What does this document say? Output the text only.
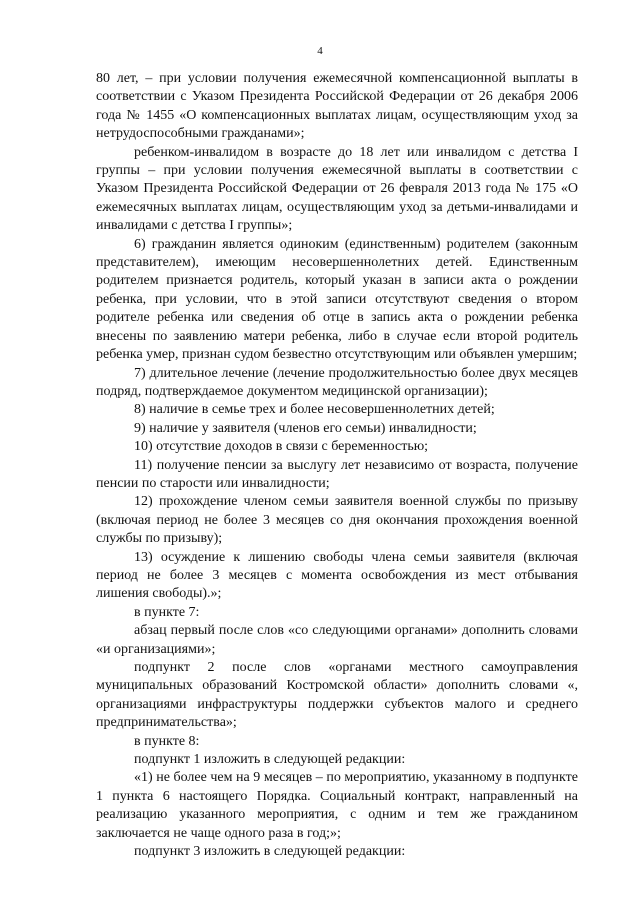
4

80 лет, – при условии получения ежемесячной компенсационной выплаты в соответствии с Указом Президента Российской Федерации от 26 декабря 2006 года № 1455 «О компенсационных выплатах лицам, осуществляющим уход за нетрудоспособными гражданами»;

ребенком-инвалидом в возрасте до 18 лет или инвалидом с детства I группы – при условии получения ежемесячной выплаты в соответствии с Указом Президента Российской Федерации от 26 февраля 2013 года № 175 «О ежемесячных выплатах лицам, осуществляющим уход за детьми-инвалидами и инвалидами с детства I группы»;

6) гражданин является одиноким (единственным) родителем (законным представителем), имеющим несовершеннолетних детей. Единственным родителем признается родитель, который указан в записи акта о рождении ребенка, при условии, что в этой записи отсутствуют сведения о втором родителе ребенка или сведения об отце в запись акта о рождении ребенка внесены по заявлению матери ребенка, либо в случае если второй родитель ребенка умер, признан судом безвестно отсутствующим или объявлен умершим;

7) длительное лечение (лечение продолжительностью более двух месяцев подряд, подтверждаемое документом медицинской организации);

8) наличие в семье трех и более несовершеннолетних детей;

9) наличие у заявителя (членов его семьи) инвалидности;

10) отсутствие доходов в связи с беременностью;

11) получение пенсии за выслугу лет независимо от возраста, получение пенсии по старости или инвалидности;

12) прохождение членом семьи заявителя военной службы по призыву (включая период не более 3 месяцев со дня окончания прохождения военной службы по призыву);

13) осуждение к лишению свободы члена семьи заявителя (включая период не более 3 месяцев с момента освобождения из мест отбывания лишения свободы).»;

в пункте 7:

абзац первый после слов «со следующими органами» дополнить словами «и организациями»;

подпункт 2 после слов «органами местного самоуправления муниципальных образований Костромской области» дополнить словами «, организациями инфраструктуры поддержки субъектов малого и среднего предпринимательства»;

в пункте 8:

подпункт 1 изложить в следующей редакции:

«1) не более чем на 9 месяцев – по мероприятию, указанному в подпункте 1 пункта 6 настоящего Порядка. Социальный контракт, направленный на реализацию указанного мероприятия, с одним и тем же гражданином заключается не чаще одного раза в год;»;

подпункт 3 изложить в следующей редакции:
